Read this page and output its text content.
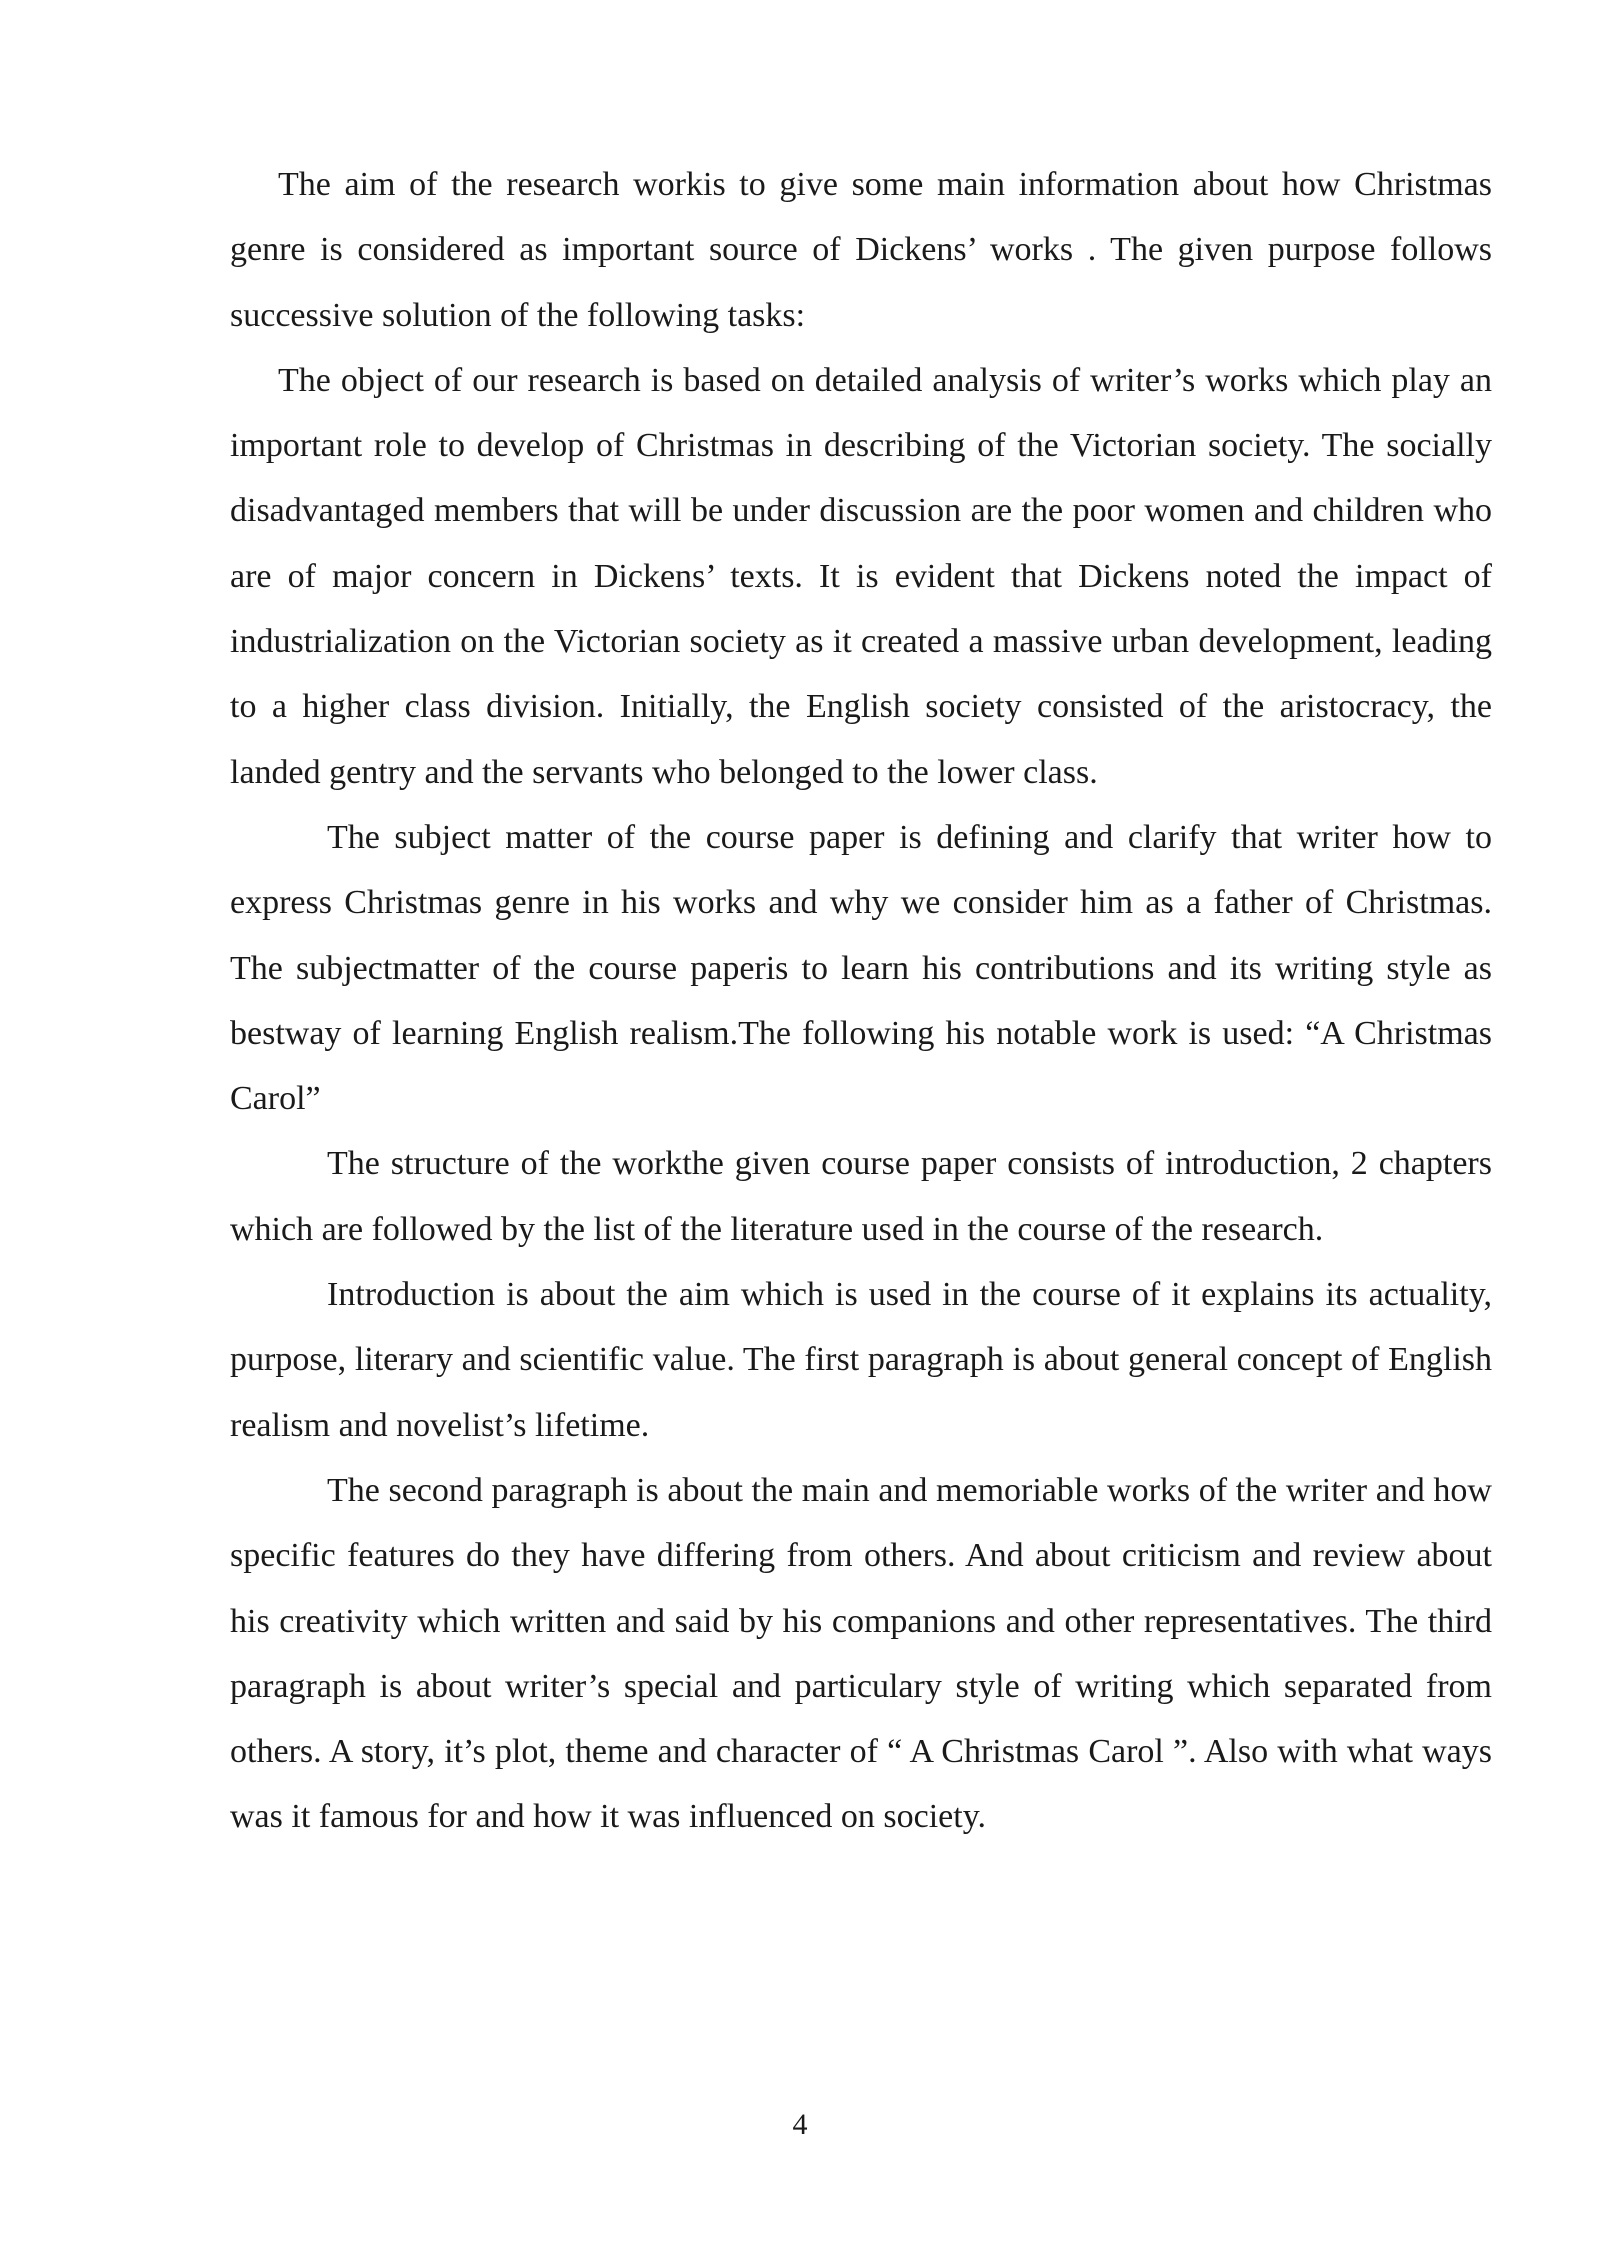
The aim of the research workis to give some main information about how Christmas genre is considered as important source of Dickens’ works . The given purpose follows successive solution of the following tasks:

The object of our research is based on detailed analysis of writer’s works which play an important role to develop of Christmas in describing of the Victorian society. The socially disadvantaged members that will be under discussion are the poor women and children who are of major concern in Dickens’ texts. It is evident that Dickens noted the impact of industrialization on the Victorian society as it created a massive urban development, leading to a higher class division. Initially, the English society consisted of the aristocracy, the landed gentry and the servants who belonged to the lower class.

The subject matter of the course paper is defining and clarify that writer how to express Christmas genre in his works and why we consider him as a father of Christmas. The subjectmatter of the course paperis to learn his contributions and its writing style as bestway of learning English realism.The following his notable work is used: “A Christmas Carol”

The structure of the workthe given course paper consists of introduction, 2 chapters which are followed by the list of the literature used in the course of the research.

Introduction is about the aim which is used in the course of it explains its actuality, purpose, literary and scientific value. The first paragraph is about general concept of English realism and novelist’s lifetime.

The second paragraph is about the main and memoriable works of the writer and how specific features do they have differing from others. And about criticism and review about his creativity which written and said by his companions and other representatives. The third paragraph is about writer’s special and particulary style of writing which separated from others. A story, it’s plot, theme and character of “ A Christmas Carol ”. Also with what ways was it famous for and how it was influenced on society.

4
